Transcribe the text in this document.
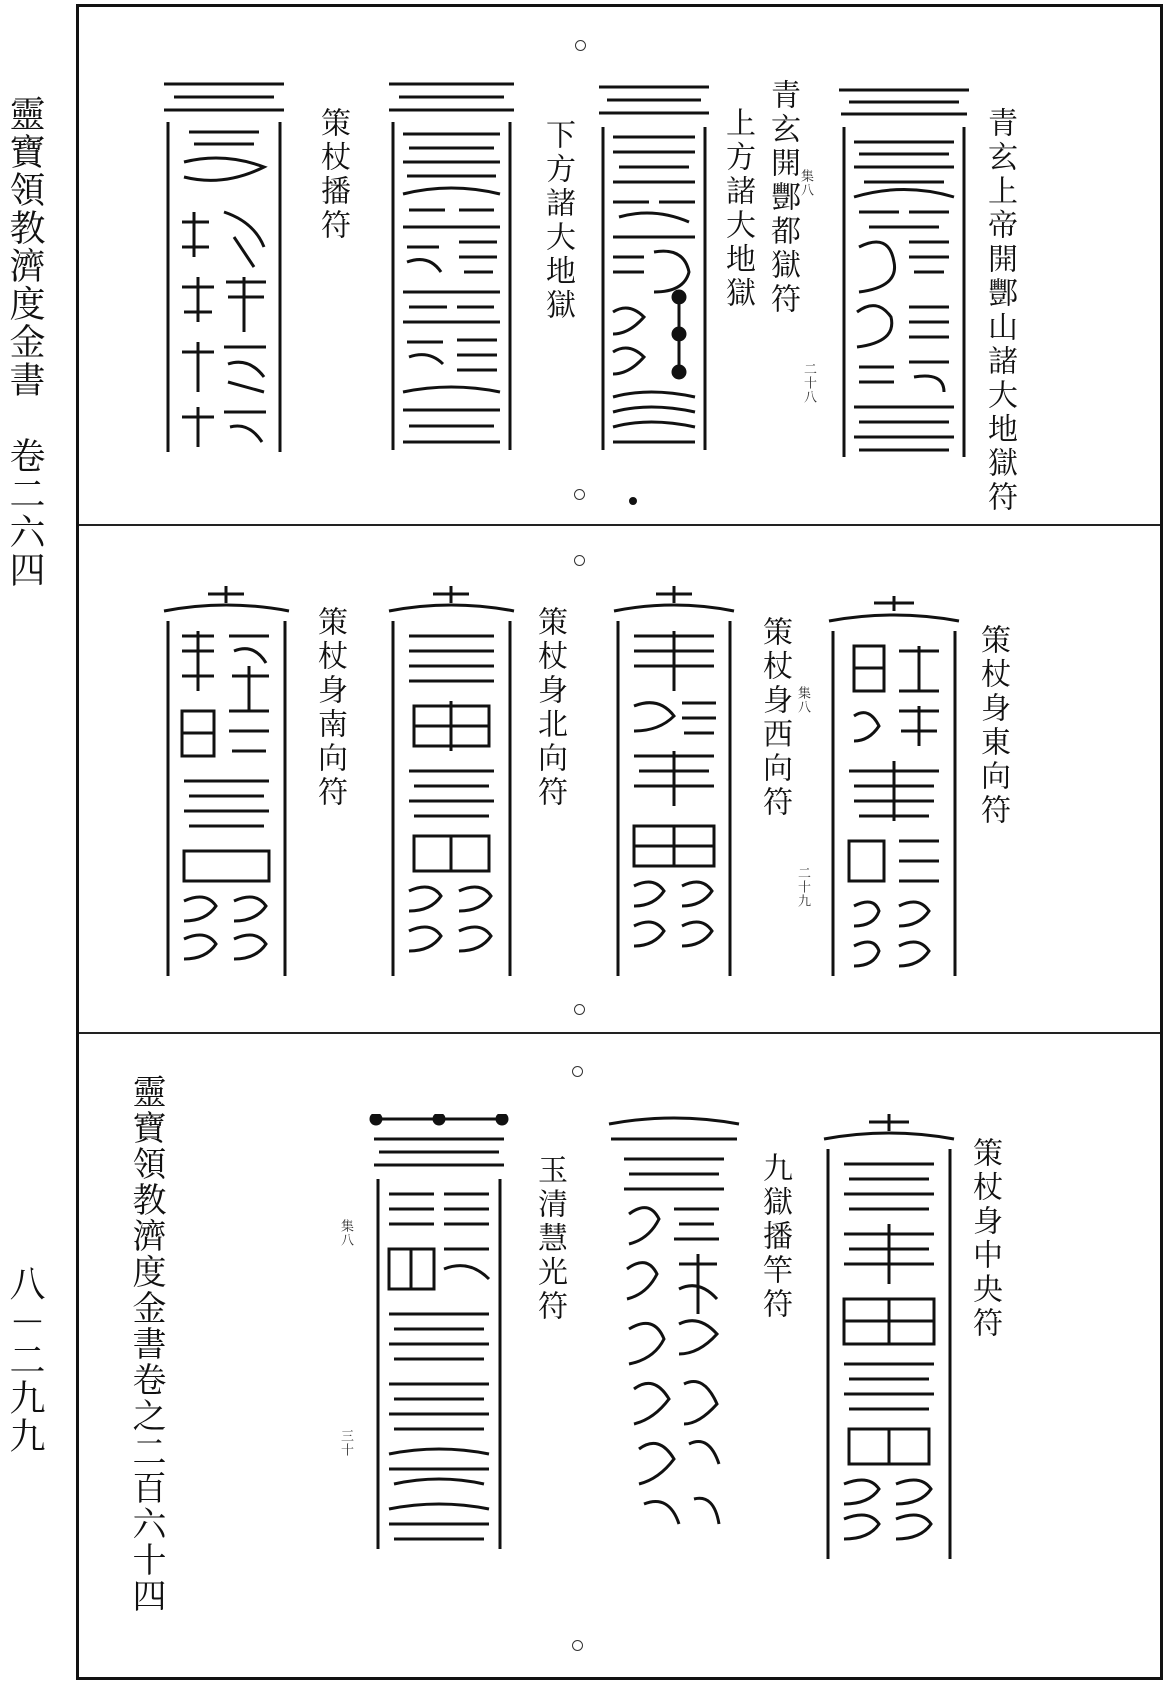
靈寶領教濟度金書　卷二六四
八－二九九
青玄上帝開酆山諸大地獄符
二十八
青玄開酆都獄符
集八
上方諸大地獄
下方諸大地獄
策杖播符
策杖身東向符
策杖身西向符 集八
二十九
策杖身北向符
策杖身南向符
策杖身中央符
九獄播竿符
玉清慧光符
集八
三十
靈寶領教濟度金書卷之二百六十四
